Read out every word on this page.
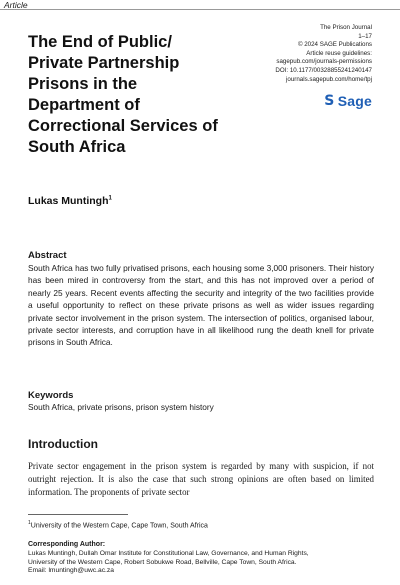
Article
The End of Public/
Private Partnership
Prisons in the
Department of
Correctional Services of
South Africa
The Prison Journal
1–17
© 2024 SAGE Publications
Article reuse guidelines:
sagepub.com/journals-permissions
DOI: 10.1177/00328855241240147
journals.sagepub.com/home/tpj
S Sage
Lukas Muntingh$^1$
Abstract
South Africa has two fully privatised prisons, each housing some 3,000 prisoners. Their history has been mired in controversy from the start, and this has not improved over a period of nearly 25 years. Recent events affecting the security and integrity of the two facilities provide a useful opportunity to reflect on these private prisons as well as wider issues regarding private sector involvement in the prison system. The intersection of politics, organised labour, private sector interests, and corruption have in all likelihood rung the death knell for private prisons in South Africa.
Keywords
South Africa, private prisons, prison system history
Introduction
Private sector engagement in the prison system is regarded by many with suspicion, if not outright rejection. It is also the case that such strong opinions are often based on limited information. The proponents of private sector
$^1$University of the Western Cape, Cape Town, South Africa
Corresponding Author:
Lukas Muntingh, Dullah Omar Institute for Constitutional Law, Governance, and Human Rights,
University of the Western Cape, Robert Sobukwe Road, Bellville, Cape Town, South Africa.
Email: lmuntingh@uwc.ac.za
